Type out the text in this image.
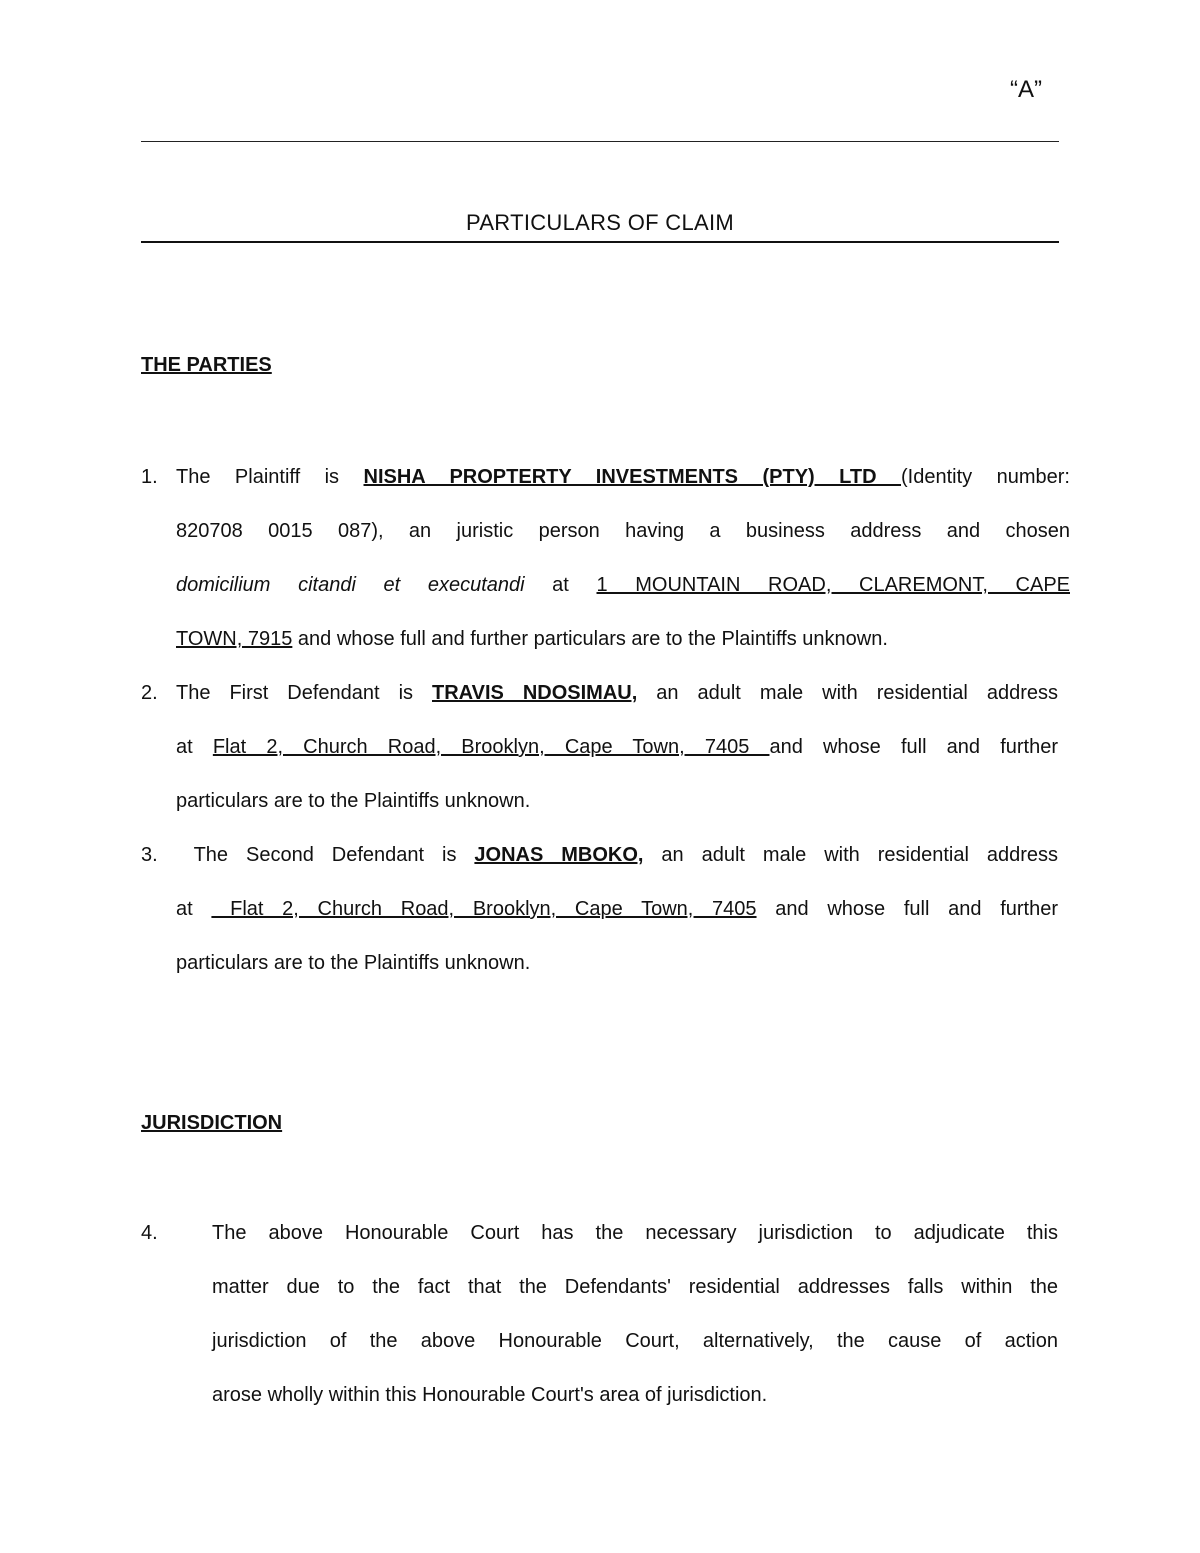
“A”
PARTICULARS OF CLAIM
THE PARTIES
1. The Plaintiff is NISHA PROPTERTY INVESTMENTS (PTY) LTD (Identity number:
820708 0015 087), an juristic person having a business address and chosen
domicilium citandi et executandi at 1 MOUNTAIN ROAD, CLAREMONT, CAPE
TOWN, 7915 and whose full and further particulars are to the Plaintiffs unknown.
2. The First Defendant is TRAVIS NDOSIMAU, an adult male with residential address
at Flat 2, Church Road, Brooklyn, Cape Town, 7405 and whose full and further
particulars are to the Plaintiffs unknown.
3. The Second Defendant is JONAS MBOKO, an adult male with residential address
at  Flat 2, Church Road, Brooklyn, Cape Town, 7405 and whose full and further
particulars are to the Plaintiffs unknown.
JURISDICTION
4.	The above Honourable Court has the necessary jurisdiction to adjudicate this
matter due to the fact that the Defendants' residential addresses falls within the
jurisdiction of the above Honourable Court, alternatively, the cause of action
arose wholly within this Honourable Court's area of jurisdiction.
